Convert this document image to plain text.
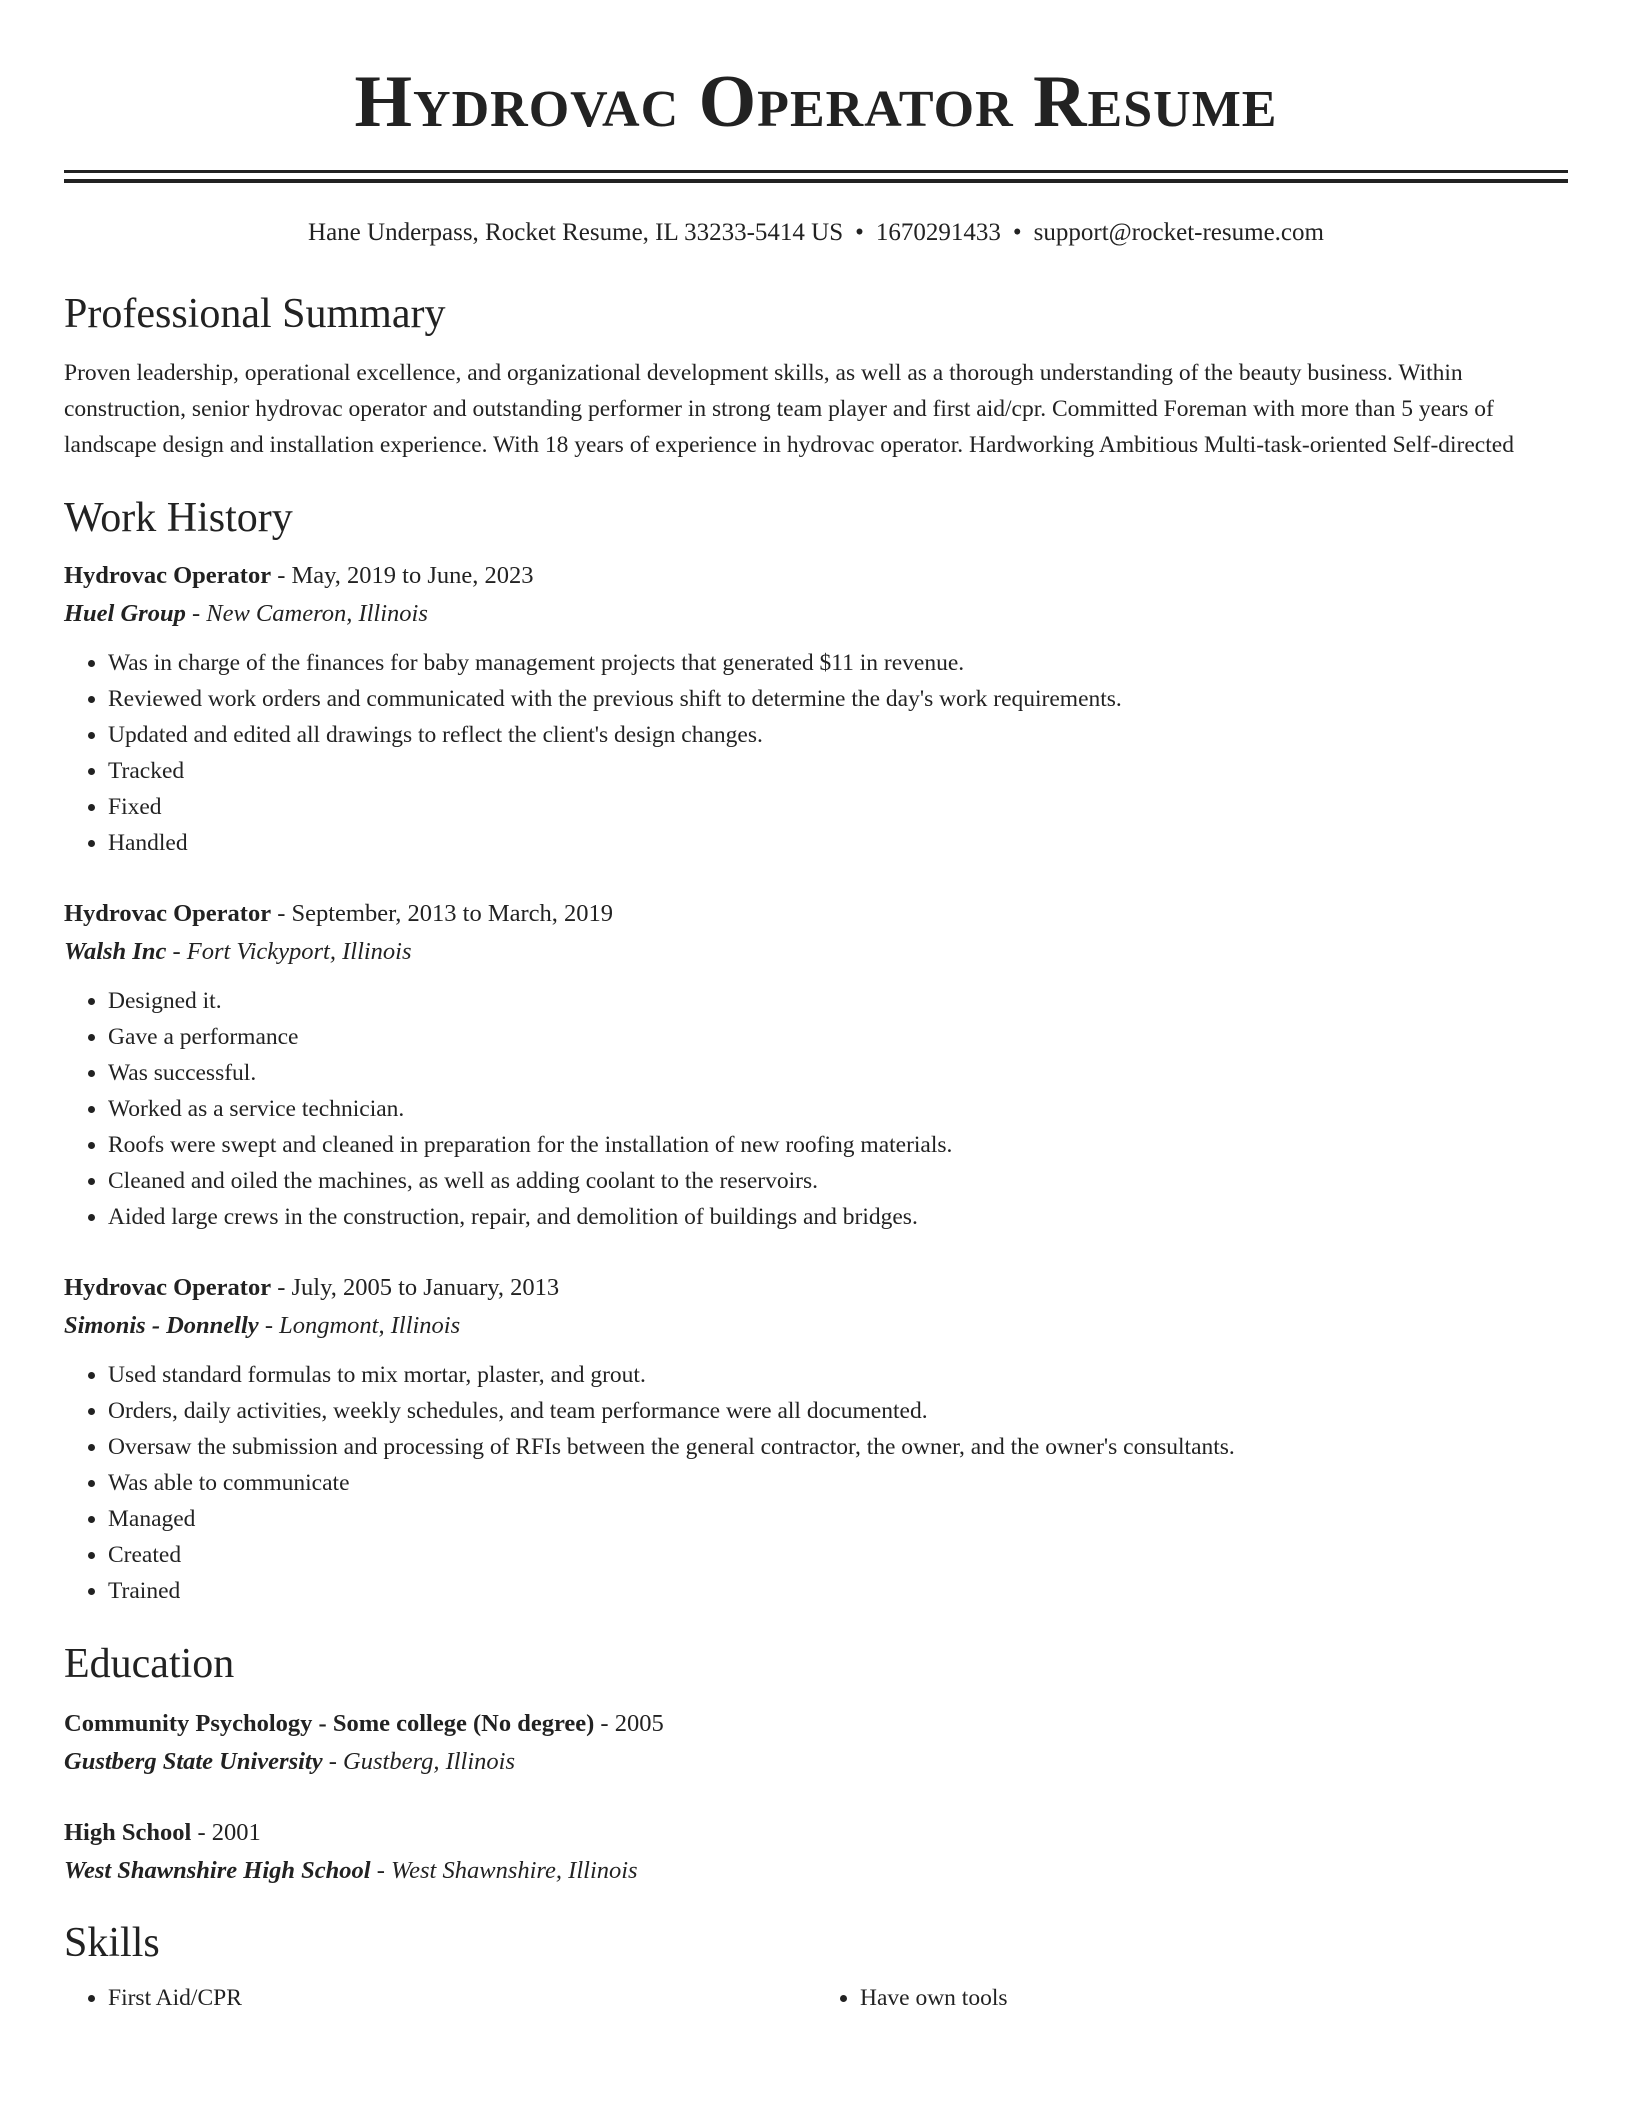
Hydrovac Operator Resume
Hane Underpass, Rocket Resume, IL 33233-5414 US • 1670291433 • support@rocket-resume.com
Professional Summary

Proven leadership, operational excellence, and organizational development skills, as well as a thorough understanding of the beauty business. Within construction, senior hydrovac operator and outstanding performer in strong team player and first aid/cpr. Committed Foreman with more than 5 years of landscape design and installation experience. With 18 years of experience in hydrovac operator. Hardworking Ambitious Multi-task-oriented Self-directed

Work History
Hydrovac Operator - May, 2019 to June, 2023
Huel Group - New Cameron, Illinois
• Was in charge of the finances for baby management projects that generated $11 in revenue.
• Reviewed work orders and communicated with the previous shift to determine the day's work requirements.
• Updated and edited all drawings to reflect the client's design changes.
• Tracked
• Fixed
• Handled
Hydrovac Operator - September, 2013 to March, 2019
Walsh Inc - Fort Vickyport, Illinois
• Designed it.
• Gave a performance
• Was successful.
• Worked as a service technician.
• Roofs were swept and cleaned in preparation for the installation of new roofing materials.
• Cleaned and oiled the machines, as well as adding coolant to the reservoirs.
• Aided large crews in the construction, repair, and demolition of buildings and bridges.
Hydrovac Operator - July, 2005 to January, 2013
Simonis - Donnelly - Longmont, Illinois
• Used standard formulas to mix mortar, plaster, and grout.
• Orders, daily activities, weekly schedules, and team performance were all documented.
• Oversaw the submission and processing of RFIs between the general contractor, the owner, and the owner's consultants.
• Was able to communicate
• Managed
• Created
• Trained
Education
Community Psychology - Some college (No degree) - 2005
Gustberg State University - Gustberg, Illinois
High School - 2001
West Shawnshire High School - West Shawnshire, Illinois
Skills
• First Aid/CPR
•	Have own tools
